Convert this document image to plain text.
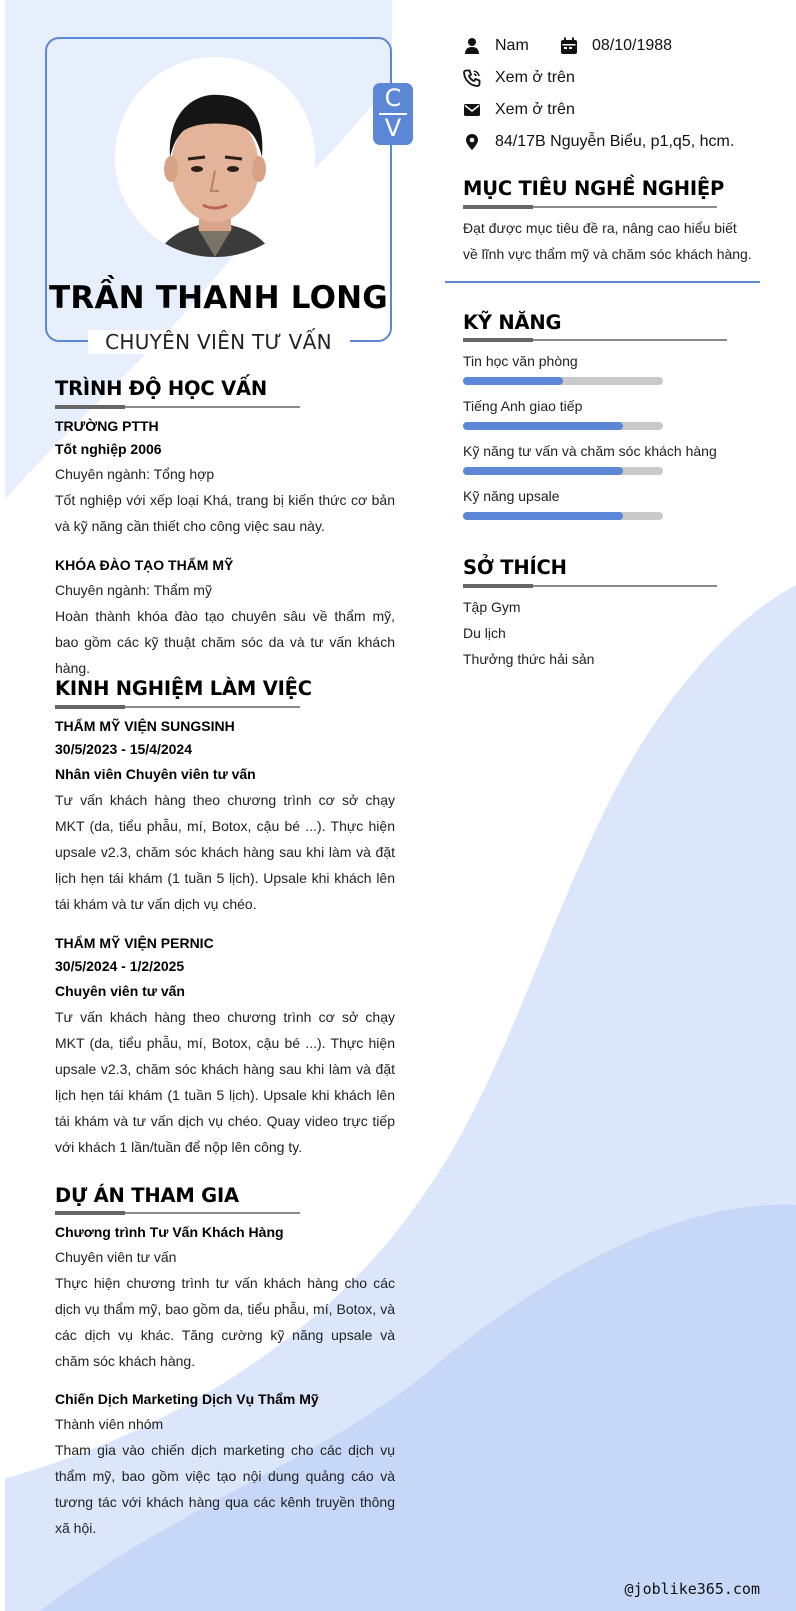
C
V
TRẦN THANH LONG
CHUYÊN VIÊN TƯ VẤN
Nam	08/10/1988
Xem ở trên
Xem ở trên
84/17B Nguyễn Biểu, p1,q5, hcm.
MỤC TIÊU NGHỀ NGHIỆP
Đạt được mục tiêu đề ra, nâng cao hiểu biết về lĩnh vực thẩm mỹ và chăm sóc khách hàng.
KỸ NĂNG
Tin học văn phòng
Tiếng Anh giao tiếp
Kỹ năng tư vấn và chăm sóc khách hàng
Kỹ năng upsale
SỞ THÍCH
Tập Gym
Du lịch
Thưởng thức hải sản
TRÌNH ĐỘ HỌC VẤN
TRƯỜNG PTTH
Tốt nghiệp 2006
Chuyên ngành: Tổng hợp
Tốt nghiệp với xếp loại Khá, trang bị kiến thức cơ bản và kỹ năng cần thiết cho công việc sau này.
KHÓA ĐÀO TẠO THẨM MỸ
Chuyên ngành: Thẩm mỹ
Hoàn thành khóa đào tạo chuyên sâu về thẩm mỹ, bao gồm các kỹ thuật chăm sóc da và tư vấn khách hàng.
KINH NGHIỆM LÀM VIỆC
THẨM MỸ VIỆN SUNGSINH
30/5/2023 - 15/4/2024
Nhân viên Chuyên viên tư vấn
Tư vấn khách hàng theo chương trình cơ sở chạy MKT (da, tiểu phẫu, mí, Botox, cậu bé ...). Thực hiện upsale v2.3, chăm sóc khách hàng sau khi làm và đặt lịch hẹn tái khám (1 tuần 5 lịch). Upsale khi khách lên tái khám và tư vấn dịch vụ chéo.
THẨM MỸ VIỆN PERNIC
30/5/2024 - 1/2/2025
Chuyên viên tư vấn
Tư vấn khách hàng theo chương trình cơ sở chạy MKT (da, tiểu phẫu, mí, Botox, cậu bé ...). Thực hiện upsale v2.3, chăm sóc khách hàng sau khi làm và đặt lịch hẹn tái khám (1 tuần 5 lịch). Upsale khi khách lên tái khám và tư vấn dịch vụ chéo. Quay video trực tiếp với khách 1 lần/tuần để nộp lên công ty.
DỰ ÁN THAM GIA
Chương trình Tư Vấn Khách Hàng
Chuyên viên tư vấn
Thực hiện chương trình tư vấn khách hàng cho các dịch vụ thẩm mỹ, bao gồm da, tiểu phẫu, mí, Botox, và các dịch vụ khác. Tăng cường kỹ năng upsale và chăm sóc khách hàng.
Chiến Dịch Marketing Dịch Vụ Thẩm Mỹ
Thành viên nhóm
Tham gia vào chiến dịch marketing cho các dịch vụ thẩm mỹ, bao gồm việc tạo nội dung quảng cáo và tương tác với khách hàng qua các kênh truyền thông xã hội.
@joblike365.com
